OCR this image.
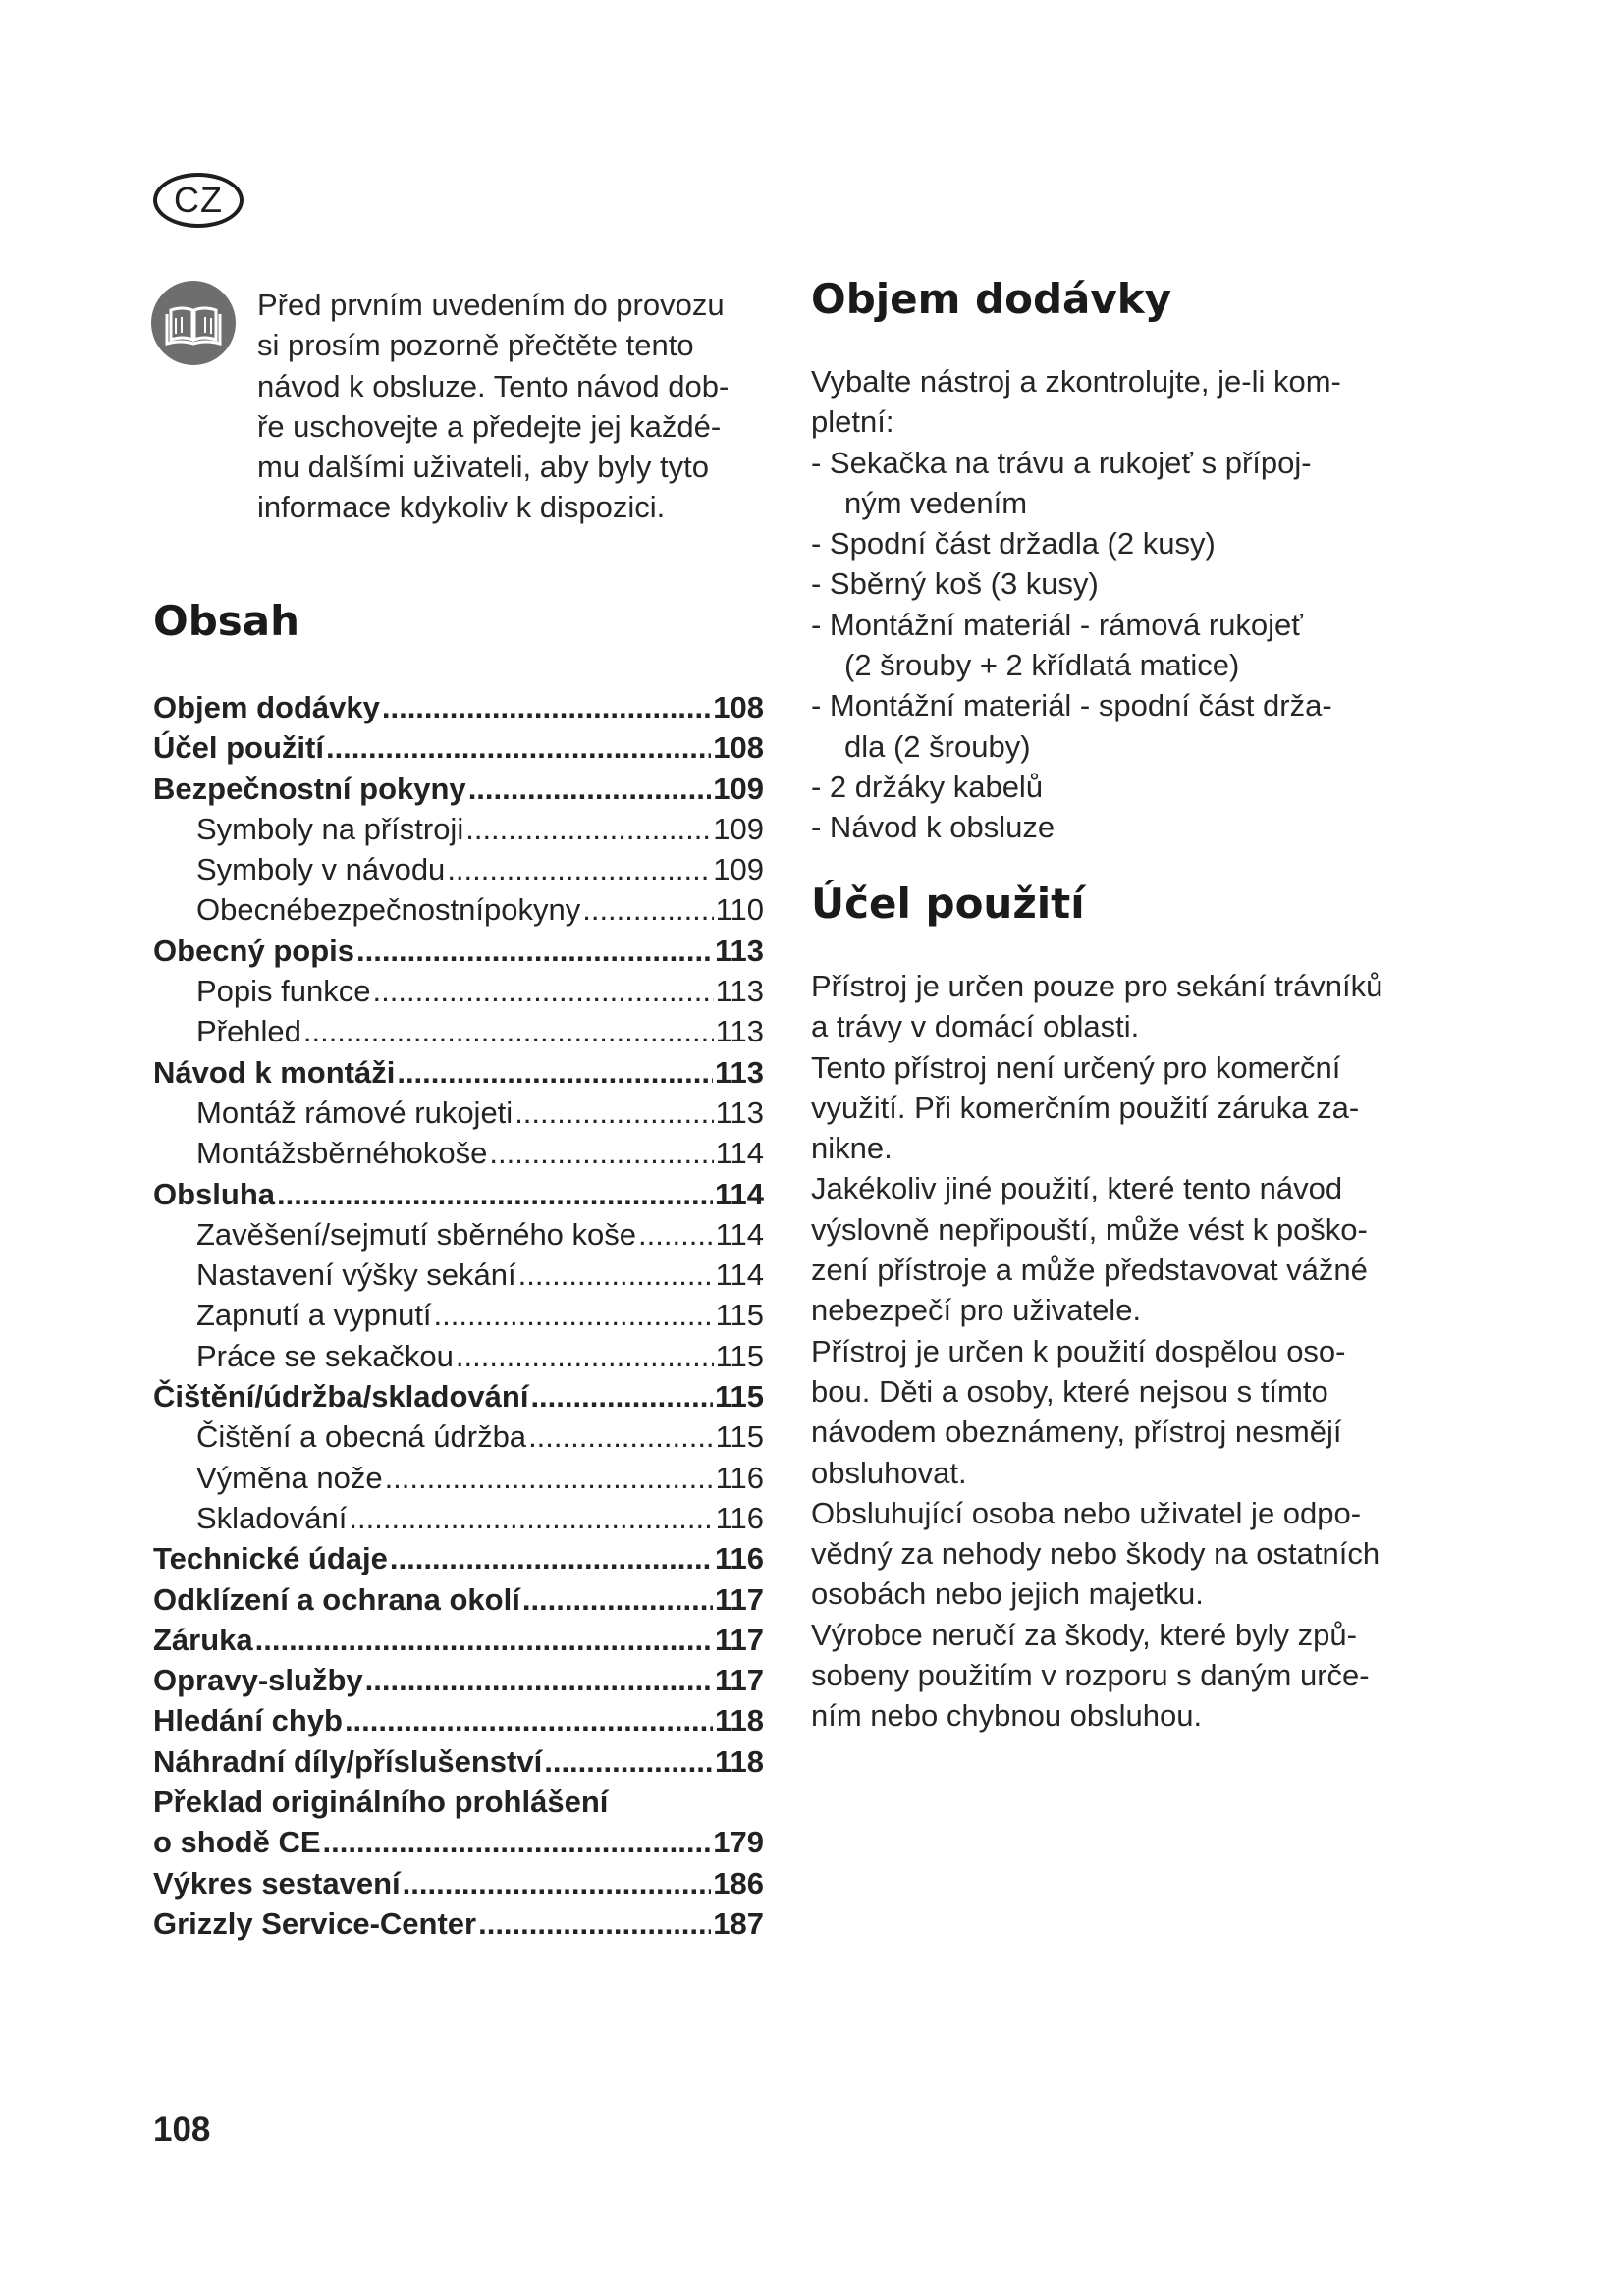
CZ
Před prvním uvedením do provozu
si prosím pozorně přečtěte tento
návod k obsluze. Tento návod dob-
ře uschovejte a předejte jej každé-
mu dalšími uživateli, aby byly tyto
informace kdykoliv k dispozici.
Obsah
Objem dodávky .....	108
Účel použití .....	108
Bezpečnostní pokyny .....	109
Symboly na přístroji .....	109
Symboly v návodu .....	109
Obecnébezpečnostnípokyny .....	110
Obecný popis .....	113
Popis funkce .....	113
Přehled .....	113
Návod k montáži .....	113
Montáž rámové rukojeti .....	113
Montážsběrnéhokoše .....	114
Obsluha .....	114
Zavěšení/sejmutí sběrného koše .....	114
Nastavení výšky sekání .....	114
Zapnutí a vypnutí .....	115
Práce se sekačkou .....	115
Čištění/údržba/skladování .....	115
Čištění a obecná údržba .....	115
Výměna nože .....	116
Skladování .....	116
Technické údaje .....	116
Odklízení a ochrana okolí .....	117
Záruka .....	117
Opravy-služby .....	117
Hledání chyb .....	118
Náhradní díly/příslušenství .....	118
Překlad originálního prohlášení
o shodě CE .....	179
Výkres sestavení .....	186
Grizzly Service-Center .....	187
Objem dodávky
Vybalte nástroj a zkontrolujte, je-li kom-
pletní:
- Sekačka na trávu a rukojeť s přípoj-
ným vedením
- Spodní část držadla (2 kusy)
- Sběrný koš (3 kusy)
- Montážní materiál - rámová rukojeť
(2 šrouby + 2 křídlatá matice)
- Montážní materiál - spodní část drža-
dla (2 šrouby)
- 2 držáky kabelů
- Návod k obsluze
Účel použití
Přístroj je určen pouze pro sekání trávníků
a trávy v domácí oblasti.
Tento přístroj není určený pro komerční
využití. Při komerčním použití záruka za-
nikne.
Jakékoliv jiné použití, které tento návod
výslovně nepřipouští, může vést k poško-
zení přístroje a může představovat vážné
nebezpečí pro uživatele.
Přístroj je určen k použití dospělou oso-
bou. Děti a osoby, které nejsou s tímto
návodem obeznámeny, přístroj nesmějí
obsluhovat.
Obsluhující osoba nebo uživatel je odpo-
vědný za nehody nebo škody na ostatních
osobách nebo jejich majetku.
Výrobce neručí za škody, které byly způ-
sobeny použitím v rozporu s daným urče-
ním nebo chybnou obsluhou.
108
